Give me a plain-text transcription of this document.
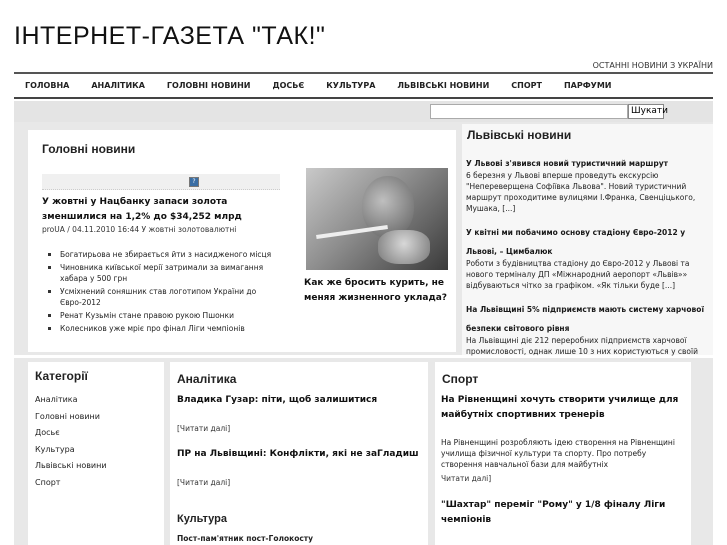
ІНТЕРНЕТ-ГАЗЕТА "ТАК!"
ОСТАННІ НОВИНИ З УКРАЇНИ
ГОЛОВНА	АНАЛІТИКА	ГОЛОВНІ НОВИНИ	ДОСЬЄ	КУЛЬТУРА	ЛЬВІВСЬКІ НОВИНИ	СПОРТ	ПАРФУМИ
Шукати
Головні новини
?
У жовтні у Нацбанку запаси золота зменшилися на 1,2% до $34,252 млрд
proUA / 04.11.2010 16:44 У жовтні золотовалютні
Богатирьова не збирається йти з насидженого місця
Чиновника київської мерії затримали за вимагання хабара у 500 грн
Усміхнений соняшник став логотипом України до Євро-2012
Ренат Кузьмін стане правою рукою Пшонки
Колесников уже мріє про фінал Ліги чемпіонів
Как же бросить курить, не меняя жизненного уклада?
Львівські новини
У Львові з'явився новий туристичний маршрут
6 березня у Львові вперше проведуть екскурсію "Непереверщена Софіївка Львова". Новий туристичний маршрут проходитиме вулицями І.Франка, Свенціцького, Мушака, [...]
У квітні ми побачимо основу стадіону Євро-2012 у Львові, – Цимбалюк
Роботи з будівництва стадіону до Євро-2012 у Львові та нового терміналу ДП «Міжнародний аеропорт «Львів»» відбуваються чітко за графіком. «Як тільки буде [...]
На Львівщині 5% підприємств мають систему харчової безпеки світового рівня
На Львівщині діє 212 переробних підприємств харчової промисловості, однак лише 10 з них користуються у своїй
Категорії
Аналітика
Головні новини
Досьє
Культура
Львівські новини
Спорт
Аналітика
Владика Гузар: піти, щоб залишитися
[Читати далі]
ПР на Львівщині: Конфлікти, які не заГладиш
[Читати далі]
Культура
Пост-пам'ятник пост-Голокосту
Спорт
На Рівненщині хочуть створити училище для майбутніх спортивних тренерів
На Рівненщині розробляють ідею створення на Рівненщині училища фізичної культури та спорту. Про потребу створення навчальної бази для майбутніх
Читати далі]
"Шахтар" переміг "Рому" у 1/8 фіналу Ліги чемпіонів
